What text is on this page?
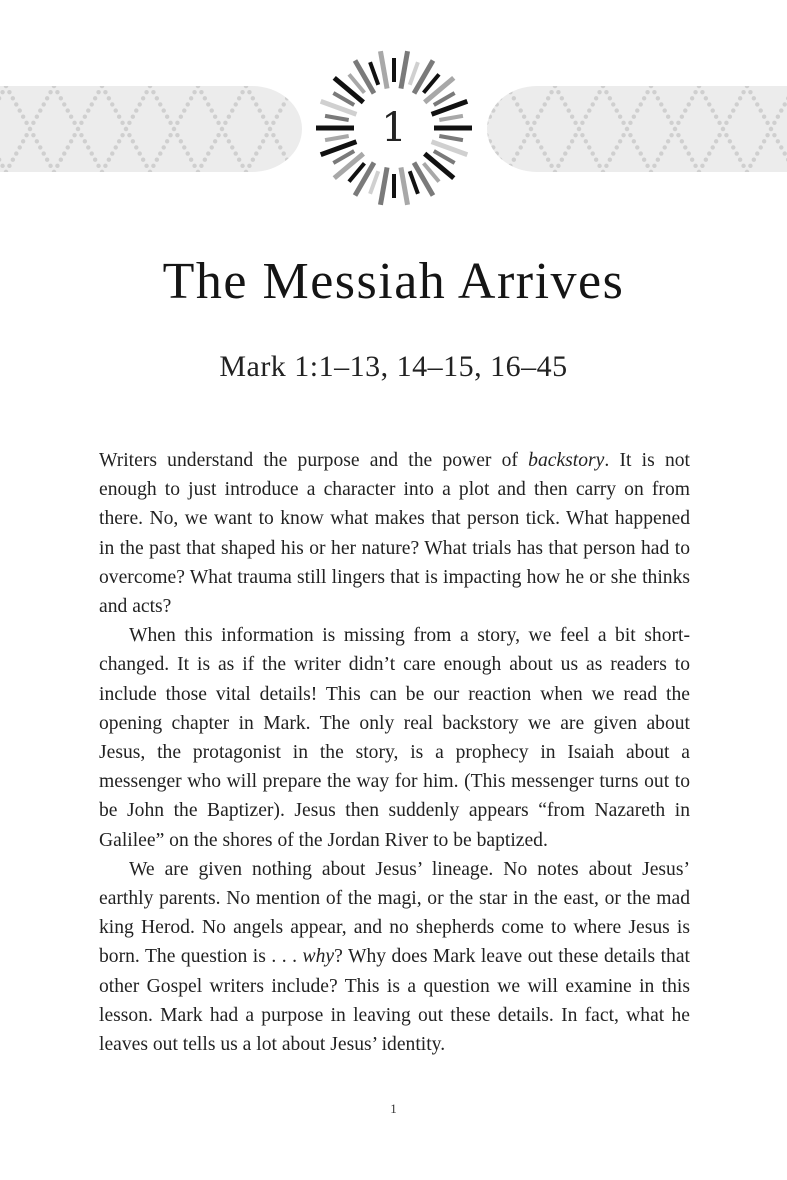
1
The Messiah Arrives
Mark 1:1–13, 14–15, 16–45

Writers understand the purpose and the power of backstory. It is not enough to just introduce a character into a plot and then carry on from there. No, we want to know what makes that person tick. What happened in the past that shaped his or her nature? What trials has that person had to overcome? What trauma still lingers that is impacting how he or she thinks and acts?

When this information is missing from a story, we feel a bit short-changed. It is as if the writer didn’t care enough about us as readers to include those vital details! This can be our reaction when we read the opening chapter in Mark. The only real backstory we are given about Jesus, the protagonist in the story, is a prophecy in Isaiah about a messenger who will prepare the way for him. (This messenger turns out to be John the Baptizer). Jesus then suddenly appears “from Nazareth in Galilee” on the shores of the Jordan River to be baptized.

We are given nothing about Jesus’ lineage. No notes about Jesus’ earthly parents. No mention of the magi, or the star in the east, or the mad king Herod. No angels appear, and no shepherds come to where Jesus is born. The question is . . . why? Why does Mark leave out these details that other Gospel writers include? This is a question we will examine in this lesson. Mark had a purpose in leaving out these details. In fact, what he leaves out tells us a lot about Jesus’ identity.

1
